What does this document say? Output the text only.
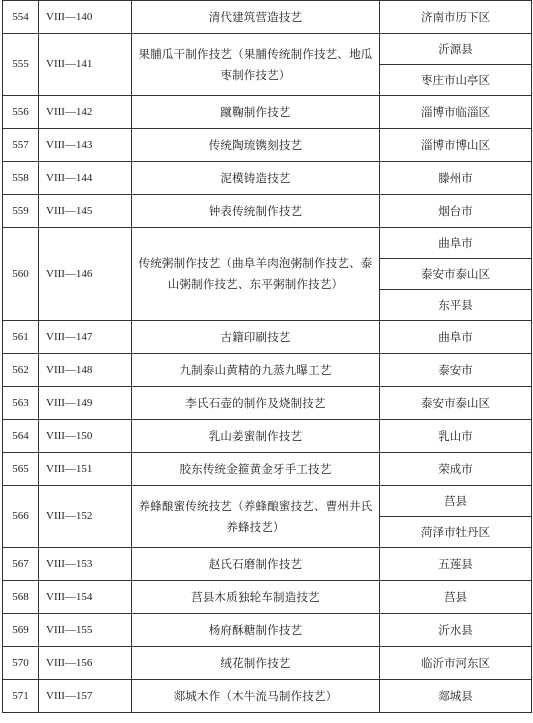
554	VIII—140	清代建筑营造技艺	济南市历下区
555	VIII—141	果脯瓜干制作技艺（果脯传统制作技艺、地瓜枣制作技艺）	沂源县
			枣庄市山亭区
556	VIII—142	蹴鞠制作技艺	淄博市临淄区
557	VIII—143	传统陶琉镌刻技艺	淄博市博山区
558	VIII—144	泥模铸造技艺	滕州市
559	VIII—145	钟表传统制作技艺	烟台市
560	VIII—146	传统粥制作技艺（曲阜羊肉泡粥制作技艺、泰山粥制作技艺、东平粥制作技艺）	曲阜市
			泰安市泰山区
			东平县
561	VIII—147	古籍印刷技艺	曲阜市
562	VIII—148	九制泰山黄精的九蒸九曝工艺	泰安市
563	VIII—149	李氏石壶的制作及烧制技艺	泰安市泰山区
564	VIII—150	乳山姜蜜制作技艺	乳山市
565	VIII—151	胶东传统金箍黄金牙手工技艺	荣成市
566	VIII—152	养蜂酿蜜传统技艺（养蜂酿蜜技艺、曹州井氏养蜂技艺）	莒县
			菏泽市牡丹区
567	VIII—153	赵氏石磨制作技艺	五莲县
568	VIII—154	莒县木质独轮车制造技艺	莒县
569	VIII—155	杨府酥糖制作技艺	沂水县
570	VIII—156	绒花制作技艺	临沂市河东区
571	VIII—157	郯城木作（木牛流马制作技艺）	郯城县
